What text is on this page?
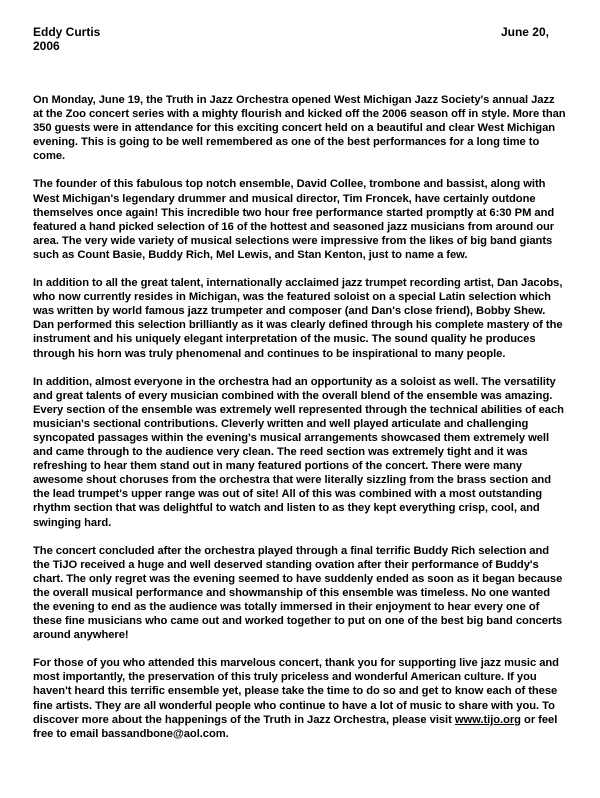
Eddy Curtis
2006
June 20,

On Monday, June 19, the Truth in Jazz Orchestra opened West Michigan Jazz Society's annual Jazz at the Zoo concert series with a mighty flourish and kicked off the 2006 season off in style. More than 350 guests were in attendance for this exciting concert held on a beautiful and clear West Michigan evening. This is going to be well remembered as one of the best performances for a long time to come.

The founder of this fabulous top notch ensemble, David Collee, trombone and bassist, along with West Michigan's legendary drummer and musical director, Tim Froncek, have certainly outdone themselves once again! This incredible two hour free performance started promptly at 6:30 PM and featured a hand picked selection of 16 of the hottest and seasoned jazz musicians from around our area. The very wide variety of musical selections were impressive from the likes of big band giants such as Count Basie, Buddy Rich, Mel Lewis, and Stan Kenton, just to name a few.

In addition to all the great talent, internationally acclaimed jazz trumpet recording artist, Dan Jacobs, who now currently resides in Michigan, was the featured soloist on a special Latin selection which was written by world famous jazz trumpeter and composer (and Dan's close friend), Bobby Shew. Dan performed this selection brilliantly as it was clearly defined through his complete mastery of the instrument and his uniquely elegant interpretation of the music. The sound quality he produces through his horn was truly phenomenal and continues to be inspirational to many people.

In addition, almost everyone in the orchestra had an opportunity as a soloist as well. The versatility and great talents of every musician combined with the overall blend of the ensemble was amazing. Every section of the ensemble was extremely well represented through the technical abilities of each musician's sectional contributions. Cleverly written and well played articulate and challenging syncopated passages within the evening's musical arrangements showcased them extremely well and came through to the audience very clean. The reed section was extremely tight and it was refreshing to hear them stand out in many featured portions of the concert. There were many awesome shout choruses from the orchestra that were literally sizzling from the brass section and the lead trumpet's upper range was out of site! All of this was combined with a most outstanding rhythm section that was delightful to watch and listen to as they kept everything crisp, cool, and swinging hard.

The concert concluded after the orchestra played through a final terrific Buddy Rich selection and the TiJO received a huge and well deserved standing ovation after their performance of Buddy's chart. The only regret was the evening seemed to have suddenly ended as soon as it began because the overall musical performance and showmanship of this ensemble was timeless. No one wanted the evening to end as the audience was totally immersed in their enjoyment to hear every one of these fine musicians who came out and worked together to put on one of the best big band concerts around anywhere!

For those of you who attended this marvelous concert, thank you for supporting live jazz music and most importantly, the preservation of this truly priceless and wonderful American culture. If you haven't heard this terrific ensemble yet, please take the time to do so and get to know each of these fine artists. They are all wonderful people who continue to have a lot of music to share with you. To discover more about the happenings of the Truth in Jazz Orchestra, please visit www.tijo.org or feel free to email bassandbone@aol.com.
